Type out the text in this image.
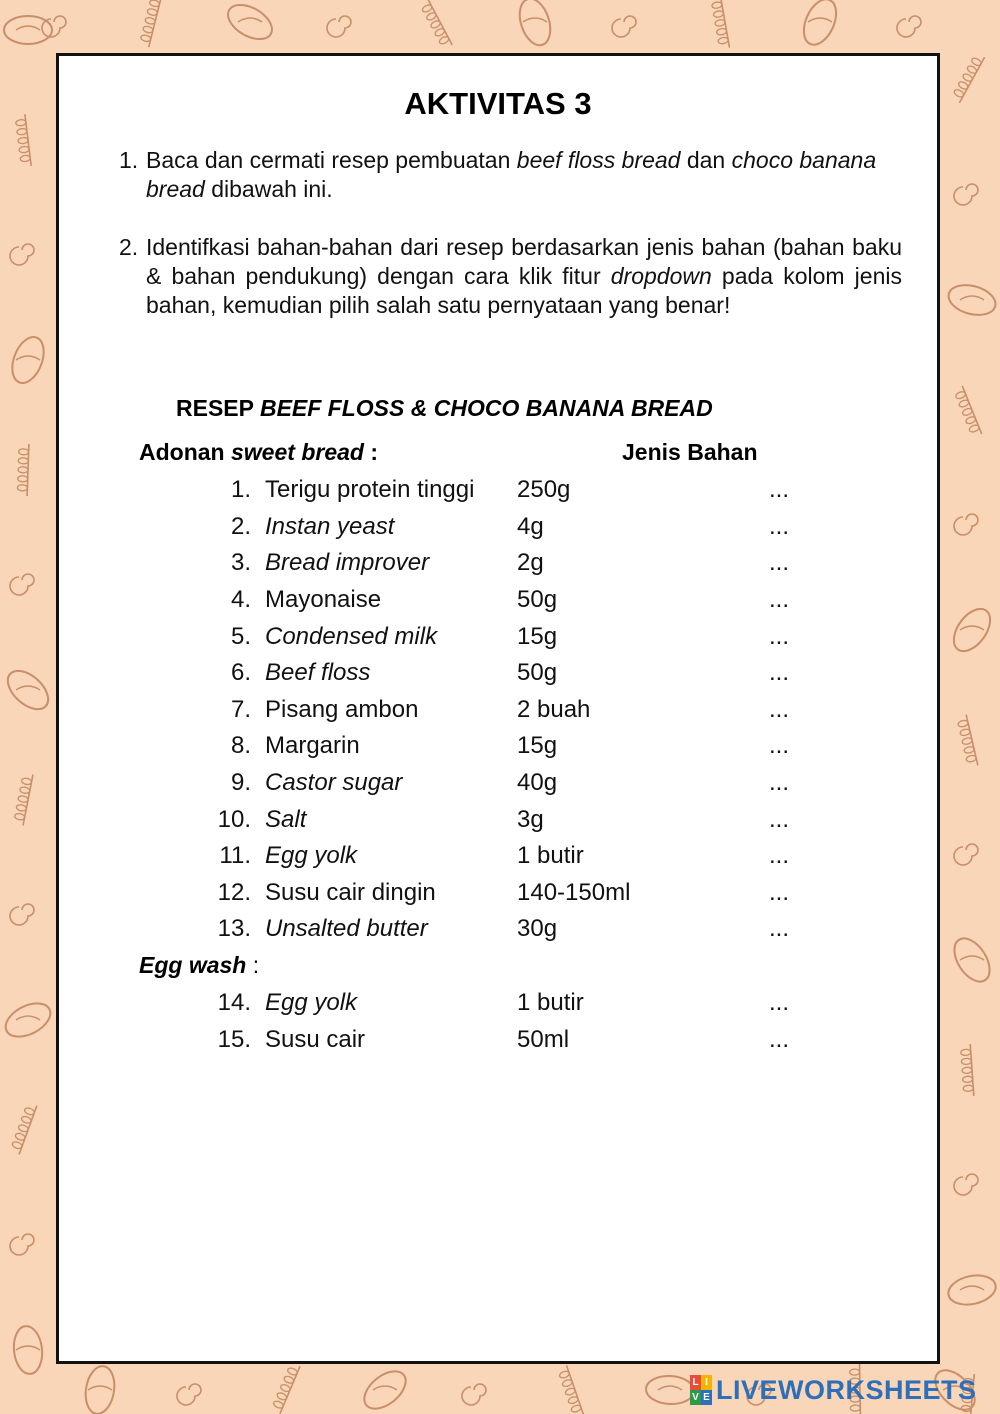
AKTIVITAS 3
1. Baca dan cermati resep pembuatan beef floss bread dan choco banana bread dibawah ini.
2. Identifkasi bahan-bahan dari resep berdasarkan jenis bahan (bahan baku & bahan pendukung) dengan cara klik fitur dropdown pada kolom jenis bahan, kemudian pilih salah satu pernyataan yang benar!
RESEP BEEF FLOSS & CHOCO BANANA BREAD
Jenis Bahan
Adonan sweet bread :
1. Terigu protein tinggi 250g	...
2. Instan yeast	4g	...
3. Bread improver	2g	...
4. Mayonaise	50g	...
5. Condensed milk	15g	...
6. Beef floss	50g	...
7. Pisang ambon	2 buah	...
8. Margarin	15g	...
9. Castor sugar	40g	...
10. Salt	3g	...
11. Egg yolk	1 butir	...
12. Susu cair dingin	140-150ml	...
13. Unsalted butter	30g	...
Egg wash :
14. Egg yolk	1 butir	...
15. Susu cair	50ml	...
L I
V E LIVEWORKSHEETS
